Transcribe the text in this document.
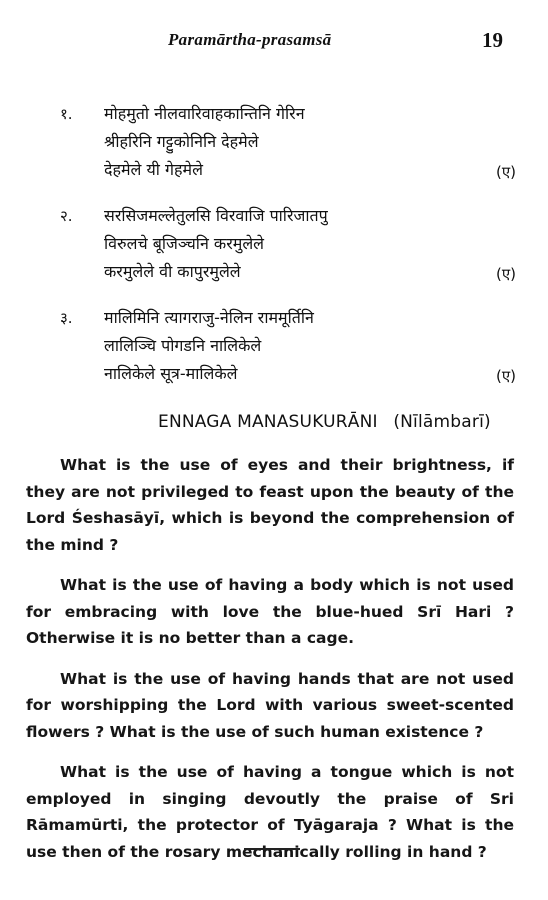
Paramārtha-prasamsā	19
१. मोहमुतो नीलवारिवाहकान्तिनि गेरिन
श्रीहरिनि गट्टुकोनिनि देहमेले
देहमेले यी गेहमेले	(ए)
२. सरसिजमल्लेतुलसि विरवाजि पारिजातपु
विरुलचे बूजिञ्चनि करमुलेले
करमुलेले वी कापुरमुलेले	(ए)
३. मालिमिनि त्यागराजु-नेलिन राममूर्तिनि
लालिञ्चि पोगडनि नालिकेले
नालिकेले सूत्र-मालिकेले	(ए)
ENNAGA MANASUKURĀNI (Nīlāmbarī)

What is the use of eyes and their brightness, if they are not privileged to feast upon the beauty of the Lord Śeshasāyī, which is beyond the comprehension of the mind ?

What is the use of having a body which is not used for embracing with love the blue-hued Srī Hari ? Otherwise it is no better than a cage.

What is the use of having hands that are not used for worshipping the Lord with various sweet-scented flowers ? What is the use of such human existence ?

What is the use of having a tongue which is not employed in singing devoutly the praise of Sri Rāmamūrti, the protector of Tyāgaraja ? What is the use then of the rosary mechanically rolling in hand ?
